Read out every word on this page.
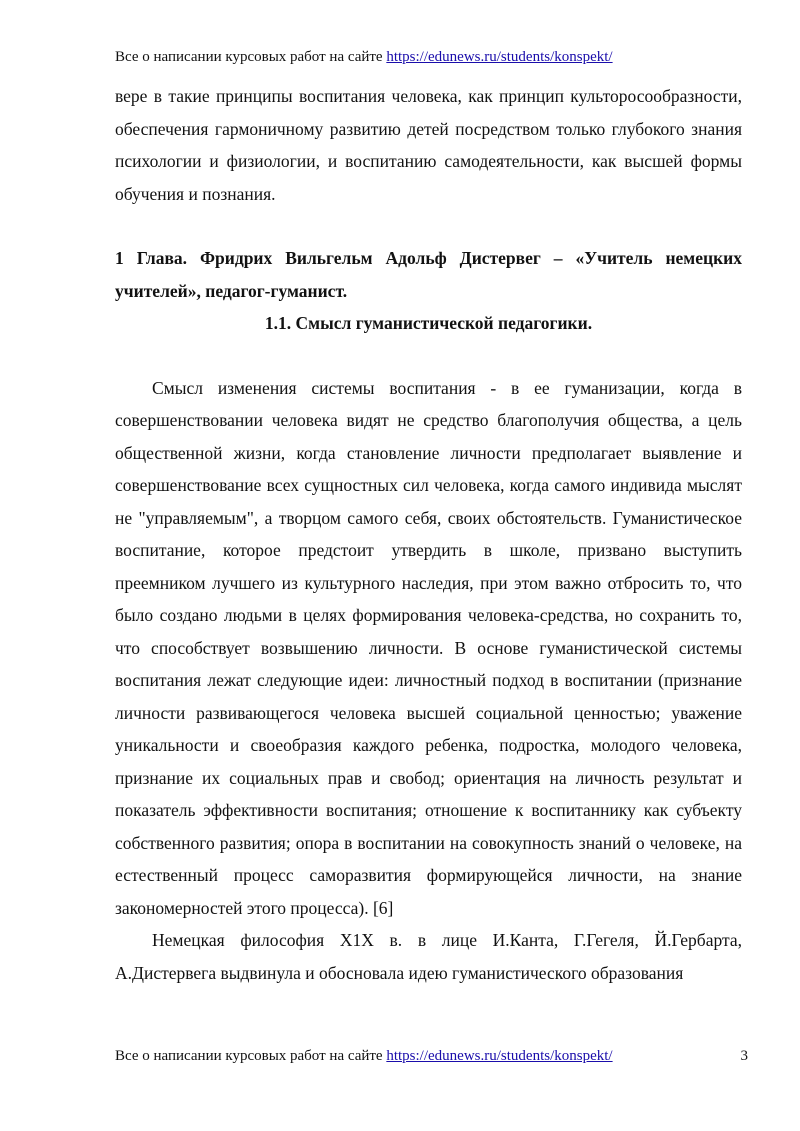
Все о написании курсовых работ на сайте https://edunews.ru/students/konspekt/

вере в такие принципы воспитания человека, как принцип культоросообразности, обеспечения гармоничному развитию детей посредством только глубокого знания психологии и физиологии, и воспитанию самодеятельности, как высшей формы обучения и познания.

1 Глава. Фридрих Вильгельм Адольф Дистервег – «Учитель немецких учителей», педагог-гуманист.

1.1. Смысл гуманистической педагогики.

Смысл изменения системы воспитания - в ее гуманизации, когда в совершенствовании человека видят не средство благополучия общества, а цель общественной жизни, когда становление личности предполагает выявление и совершенствование всех сущностных сил человека, когда самого индивида мыслят не "управляемым", а творцом самого себя, своих обстоятельств. Гуманистическое воспитание, которое предстоит утвердить в школе, призвано выступить преемником лучшего из культурного наследия, при этом важно отбросить то, что было создано людьми в целях формирования человека-средства, но сохранить то, что способствует возвышению личности. В основе гуманистической системы воспитания лежат следующие идеи: личностный подход в воспитании (признание личности развивающегося человека высшей социальной ценностью; уважение уникальности и своеобразия каждого ребенка, подростка, молодого человека, признание их социальных прав и свобод; ориентация на личность результат и показатель эффективности воспитания; отношение к воспитаннику как субъекту собственного развития; опора в воспитании на совокупность знаний о человеке, на естественный процесс саморазвития формирующейся личности, на знание закономерностей этого процесса). [6]

Немецкая философия Х1Х в. в лице И.Канта, Г.Гегеля, Й.Гербарта, А.Дистервега выдвинула и обосновала идею гуманистического образования

Все о написании курсовых работ на сайте https://edunews.ru/students/konspekt/	3
